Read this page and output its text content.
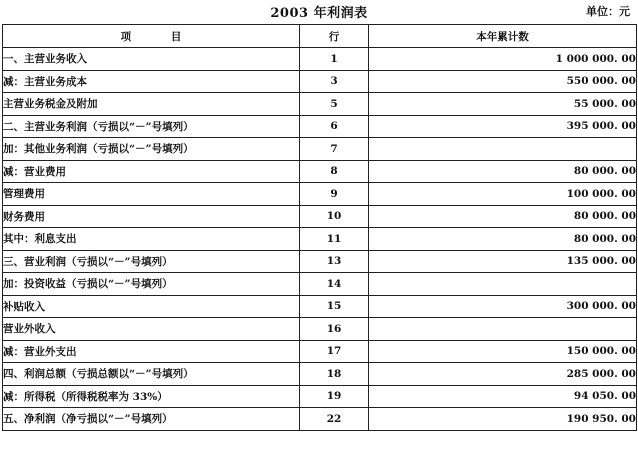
2003 年利润表	单位：元
项 目	行	本年累计数
一、主营业务收入	1	1 000 000. 00
减：主营业务成本	3	550 000. 00
主营业务税金及附加	5	55 000. 00
二、主营业务利润（亏损以“－”号填列）	6	395 000. 00
加：其他业务利润（亏损以“－”号填列）	7	
减：营业费用	8	80 000. 00
管理费用	9	100 000. 00
财务费用	10	80 000. 00
其中：利息支出	11	80 000. 00
三、营业利润（亏损以“－”号填列）	13	135 000. 00
加：投资收益（亏损以“－”号填列）	14	
补贴收入	15	300 000. 00
营业外收入	16	
减：营业外支出	17	150 000. 00
四、利润总额（亏损总额以“－”号填列）	18	285 000. 00
减：所得税（所得税税率为 33%）	19	94 050. 00
五、净利润（净亏损以“－”号填列）	22	190 950. 00
